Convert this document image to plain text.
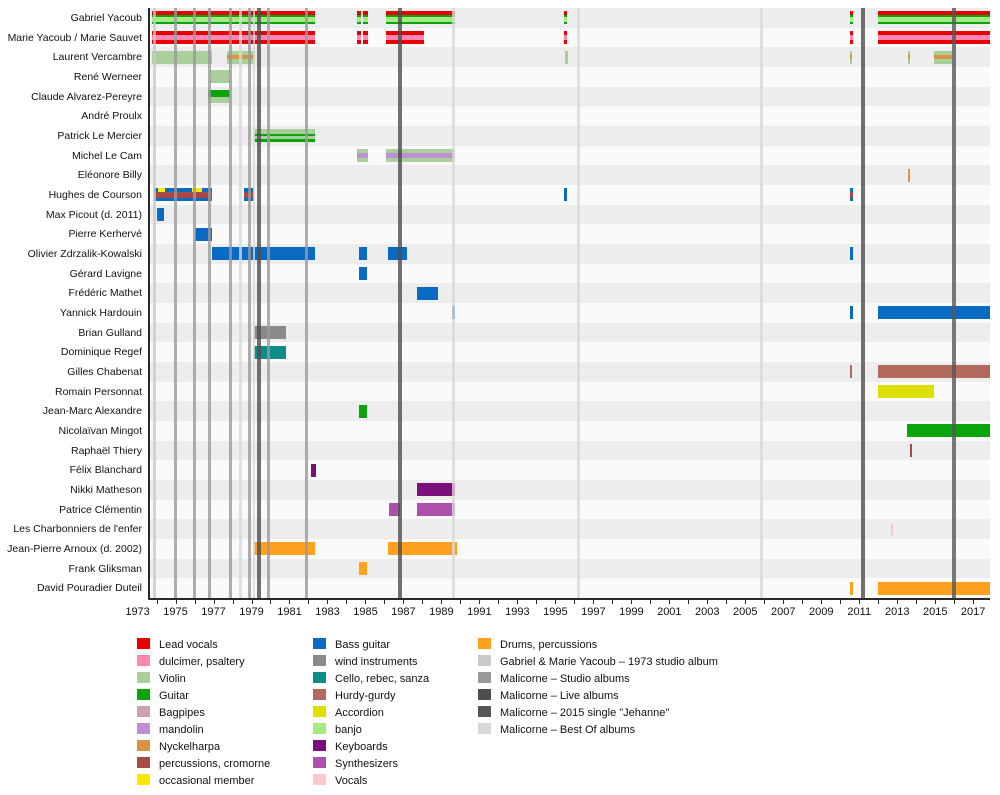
Gabriel Yacoub
Marie Yacoub / Marie Sauvet
Laurent Vercambre
René Werneer
Claude Alvarez-Pereyre
André Proulx
Patrick Le Mercier
Michel Le Cam
Eléonore Billy
Hughes de Courson
Max Picout (d. 2011)
Pierre Kerhervé
Olivier Zdrzalik-Kowalski
Gérard Lavigne
Frédéric Mathet
Yannick Hardouin
Brian Gulland
Dominique Regef
Gilles Chabenat
Romain Personnat
Jean-Marc Alexandre
Nicolaïvan Mingot
Raphaël Thiery
Félix Blanchard
Nikki Matheson
Patrice Clémentin
Les Charbonniers de l'enfer
Jean-Pierre Arnoux (d. 2002)
Frank Gliksman
David Pouradier Duteil
1973 1975 1977 1979 1981 1983 1985 1987 1989 1991 1993 1995 1997 1999 2001 2003 2005 2007 2009 2011 2013 2015 2017
Lead vocals
dulcimer, psaltery
Violin
Guitar
Bagpipes
mandolin
Nyckelharpa
percussions, cromorne
occasional member
Bass guitar
wind instruments
Cello, rebec, sanza
Hurdy-gurdy
Accordion
banjo
Keyboards
Synthesizers
Vocals
Drums, percussions
Gabriel & Marie Yacoub – 1973 studio album
Malicorne – Studio albums
Malicorne – Live albums
Malicorne – 2015 single "Jehanne"
Malicorne – Best Of albums
